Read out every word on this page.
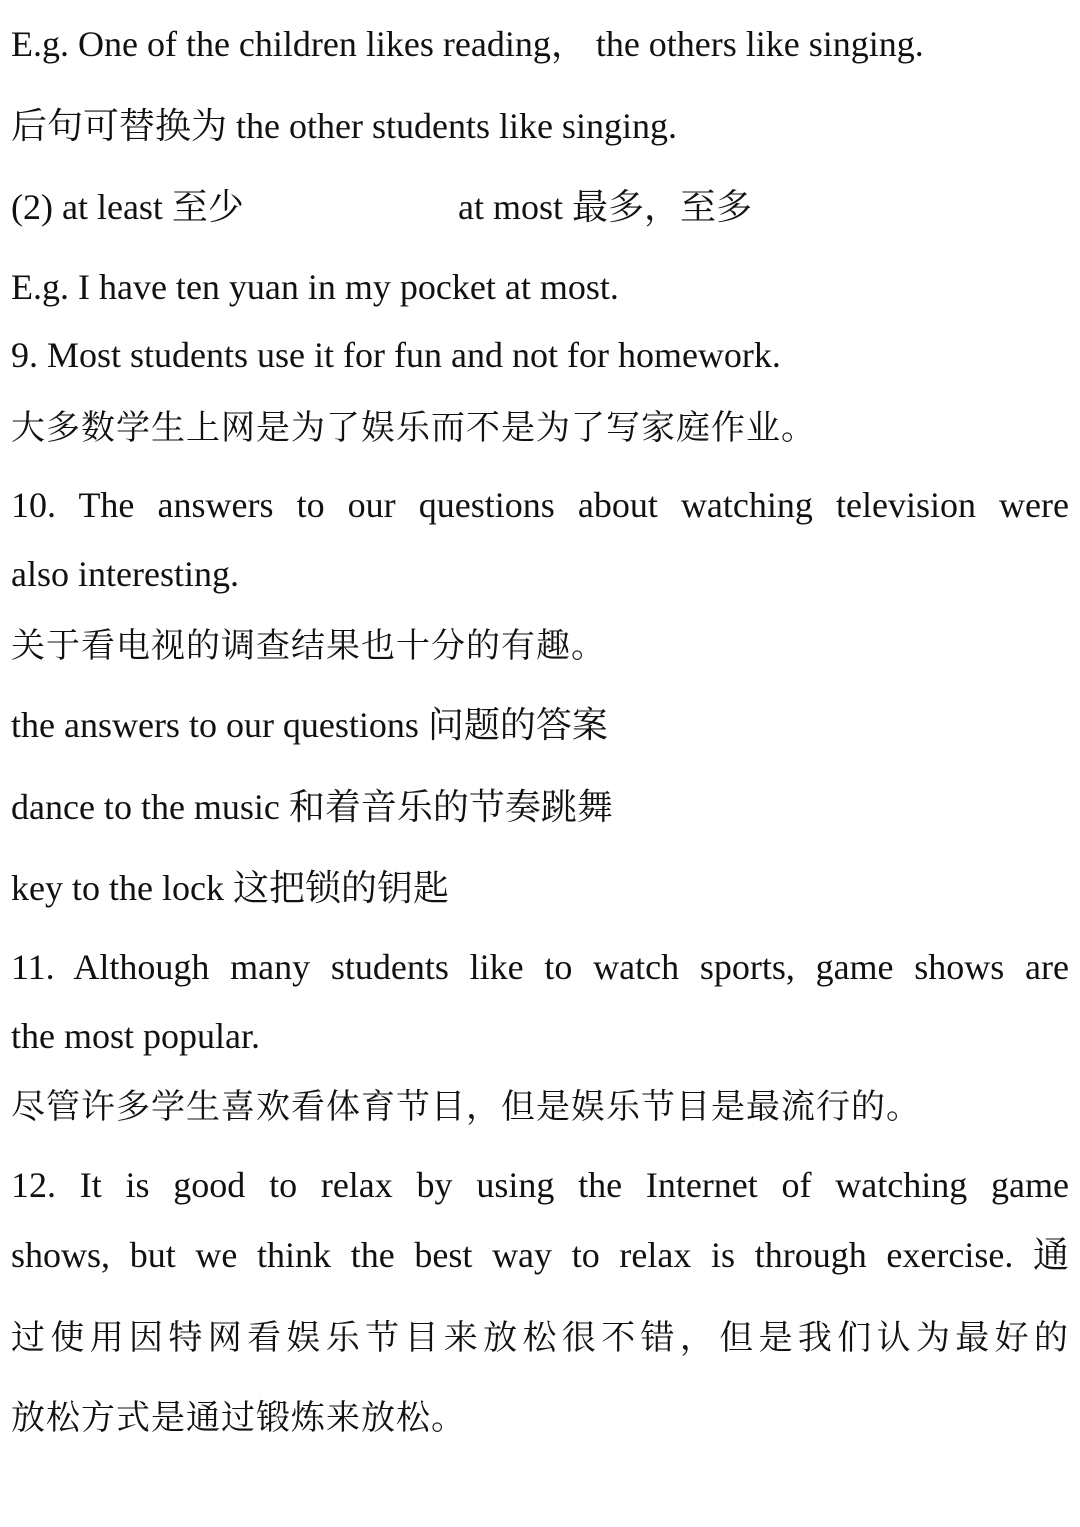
E.g. One of the children likes reading， the others like singing.
后句可替换为 the other students like singing.
(2) at least 至少	at most 最多，至多
E.g. I have ten yuan in my pocket at most.
9. Most students use it for fun and not for homework.
大多数学生上网是为了娱乐而不是为了写家庭作业。
10. The answers to our questions about watching television were
also interesting.
关于看电视的调查结果也十分的有趣。
the answers to our questions 问题的答案
dance to the music 和着音乐的节奏跳舞
key to the lock 这把锁的钥匙
11. Although many students like to watch sports, game shows are
the most popular.
尽管许多学生喜欢看体育节目，但是娱乐节目是最流行的。
12. It is good to relax by using the Internet of watching game
shows, but we think the best way to relax is through exercise. 通
过使用因特网看娱乐节目来放松很不错，但是我们认为最好的
放松方式是通过锻炼来放松。
